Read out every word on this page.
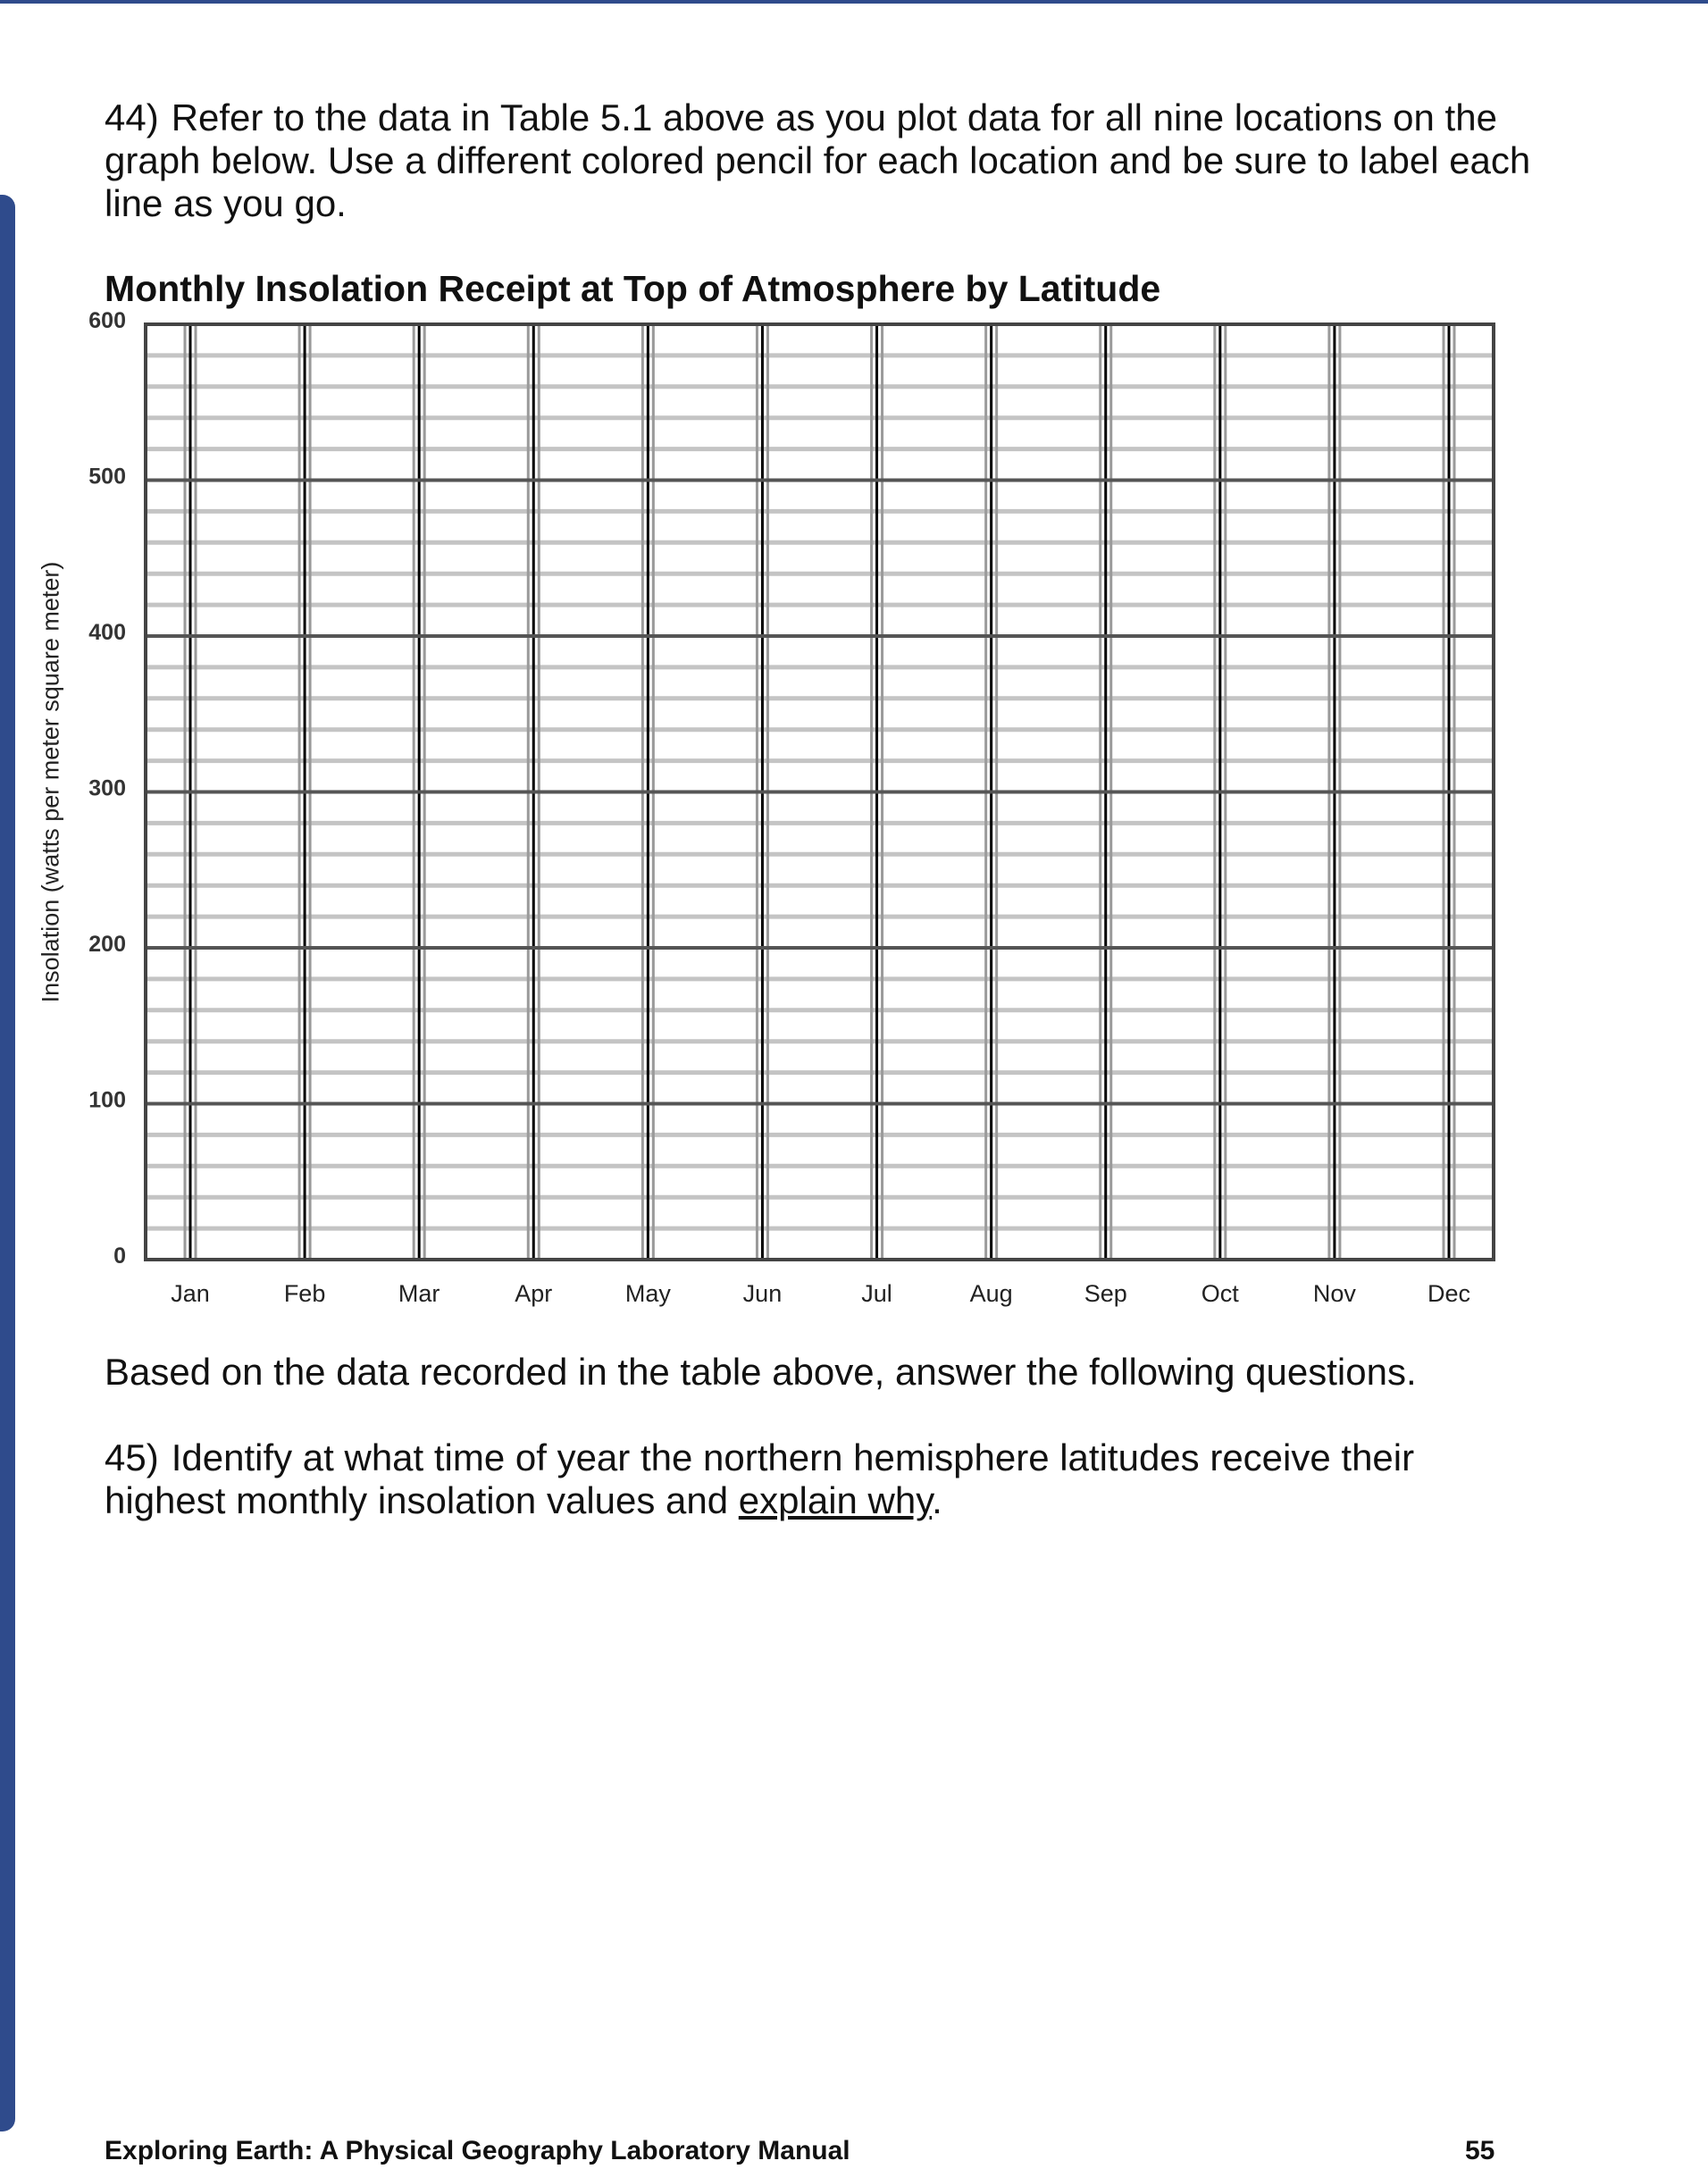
44) Refer to the data in Table 5.1 above as you plot data for all nine locations on the graph below. Use a different colored pencil for each location and be sure to label each line as you go.
Monthly Insolation Receipt at Top of Atmosphere by Latitude
Insolation (watts per meter square meter)
Jan	Feb	Mar	Apr	May	Jun	Jul	Aug	Sep	Oct	Nov	Dec
600
500
400
300
200
100
0
Based on the data recorded in the table above, answer the following questions.
45) Identify at what time of year the northern hemisphere latitudes receive their highest monthly insolation values and explain why.
Exploring Earth: A Physical Geography Laboratory Manual	55
